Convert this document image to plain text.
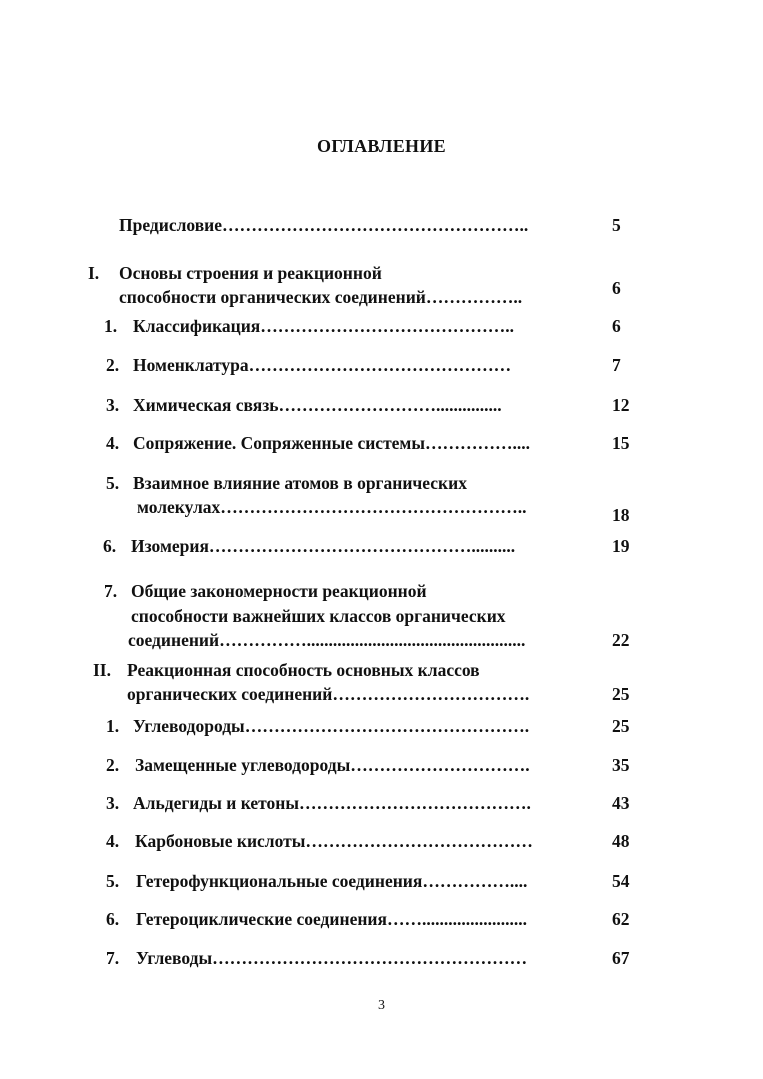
ОГЛАВЛЕНИЕ
Предисловие……………………………………………..	5
I. Основы строения и реакционной
способности органических соединений……………..	6
1. Классификация……………………………………..	6
2. Номенклатура………………………………………	7
3. Химическая связь………………………...............	12
4. Сопряжение. Сопряженные системы……………....	15
5. Взаимное влияние атомов в органических
молекулах……………………………………………..	18
6. Изомерия………………………………………..........	19
7. Общие закономерности реакционной
способности важнейших классов органических
соединений……………..................................................	22
II. Реакционная способность основных классов
органических соединений…………………………….	25
1. Углеводороды………………………………………….	25
2. Замещенные углеводороды………………………….	35
3. Альдегиды и кетоны………………………………….	43
4. Карбоновые кислоты…………………………………	48
5. Гетерофункциональные соединения……………....	54
6. Гетероциклические соединения……........................	62
7. Углеводы………………………………………………	67
3
